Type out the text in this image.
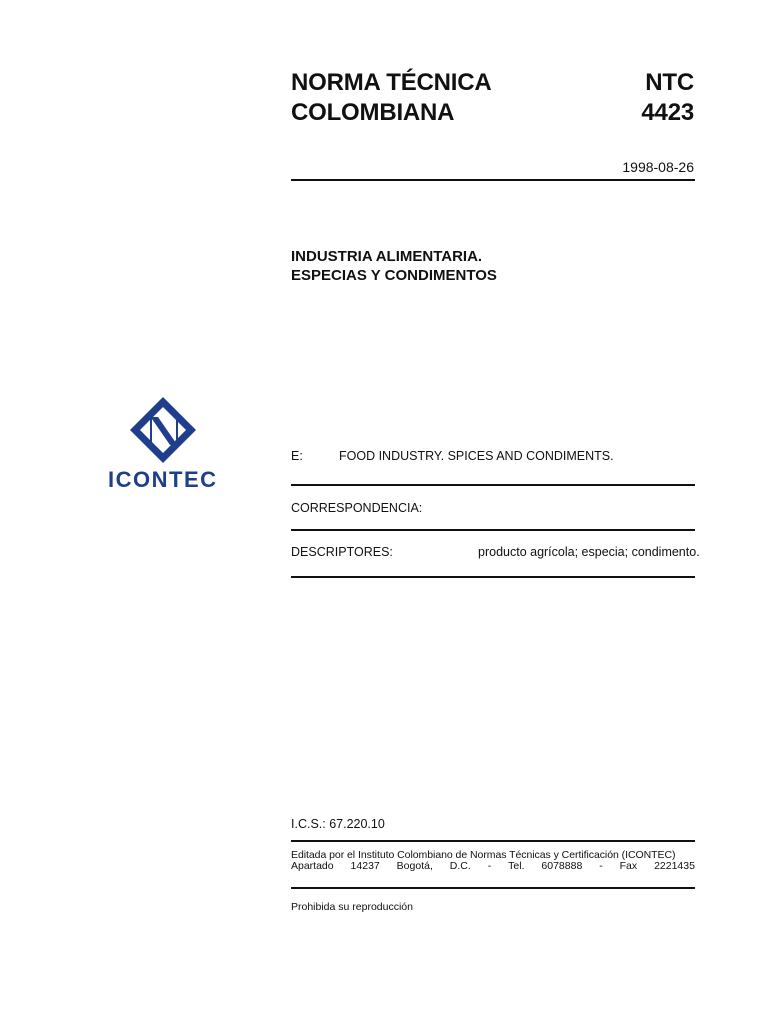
NORMA TÉCNICA
COLOMBIANA
NTC
4423
1998-08-26
INDUSTRIA ALIMENTARIA.
ESPECIAS Y CONDIMENTOS
ICONTEC
E:	FOOD INDUSTRY. SPICES AND CONDIMENTS.
CORRESPONDENCIA:
DESCRIPTORES:	producto agrícola; especia; condimento.
I.C.S.: 67.220.10
Editada por el Instituto Colombiano de Normas Técnicas y Certificación (ICONTEC)
Apartado 14237 Bogotá, D.C. - Tel. 6078888 - Fax 2221435
Prohibida su reproducción
